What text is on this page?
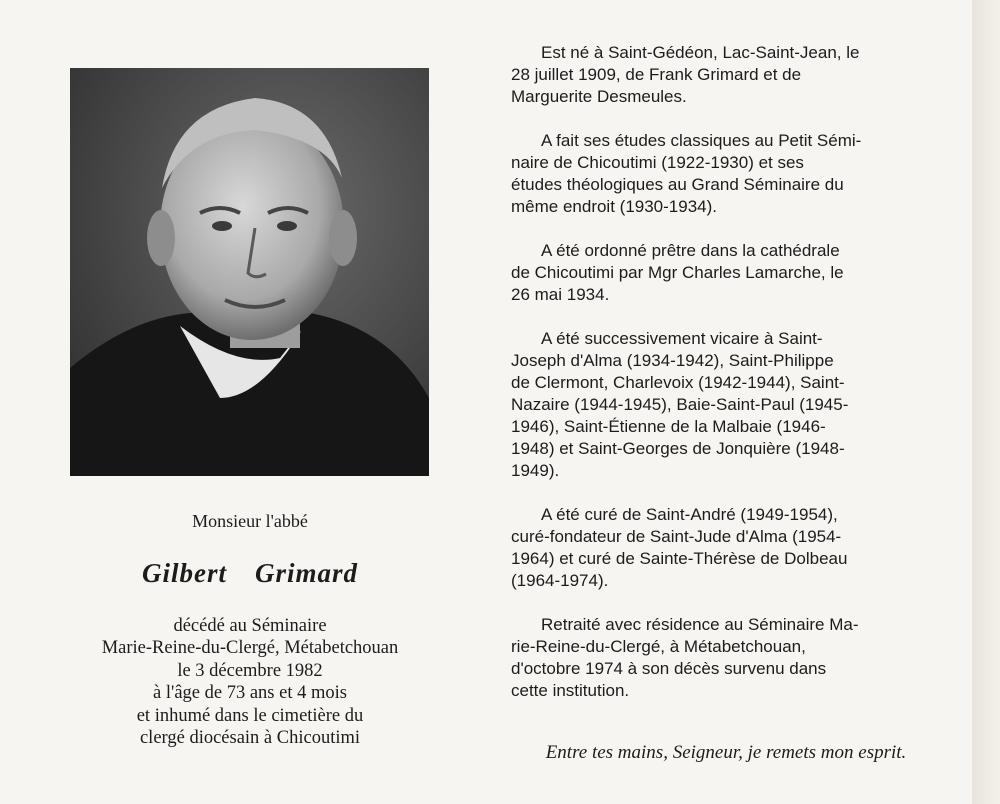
Monsieur l'abbé
Gilbert Grimard
décédé au Séminaire
Marie-Reine-du-Clergé, Métabetchouan
le 3 décembre 1982
à l'âge de 73 ans et 4 mois
et inhumé dans le cimetière du
clergé diocésain à Chicoutimi
Est né à Saint-Gédéon, Lac-Saint-Jean, le
28 juillet 1909, de Frank Grimard et de
Marguerite Desmeules.
A fait ses études classiques au Petit Sémi-
naire de Chicoutimi (1922-1930) et ses
études théologiques au Grand Séminaire du
même endroit (1930-1934).
A été ordonné prêtre dans la cathédrale
de Chicoutimi par Mgr Charles Lamarche, le
26 mai 1934.
A été successivement vicaire à Saint-
Joseph d'Alma (1934-1942), Saint-Philippe
de Clermont, Charlevoix (1942-1944), Saint-
Nazaire (1944-1945), Baie-Saint-Paul (1945-
1946), Saint-Étienne de la Malbaie (1946-
1948) et Saint-Georges de Jonquière (1948-
1949).
A été curé de Saint-André (1949-1954),
curé-fondateur de Saint-Jude d'Alma (1954-
1964) et curé de Sainte-Thérèse de Dolbeau
(1964-1974).
Retraité avec résidence au Séminaire Ma-
rie-Reine-du-Clergé, à Métabetchouan,
d'octobre 1974 à son décès survenu dans
cette institution.
Entre tes mains, Seigneur, je remets mon esprit.
